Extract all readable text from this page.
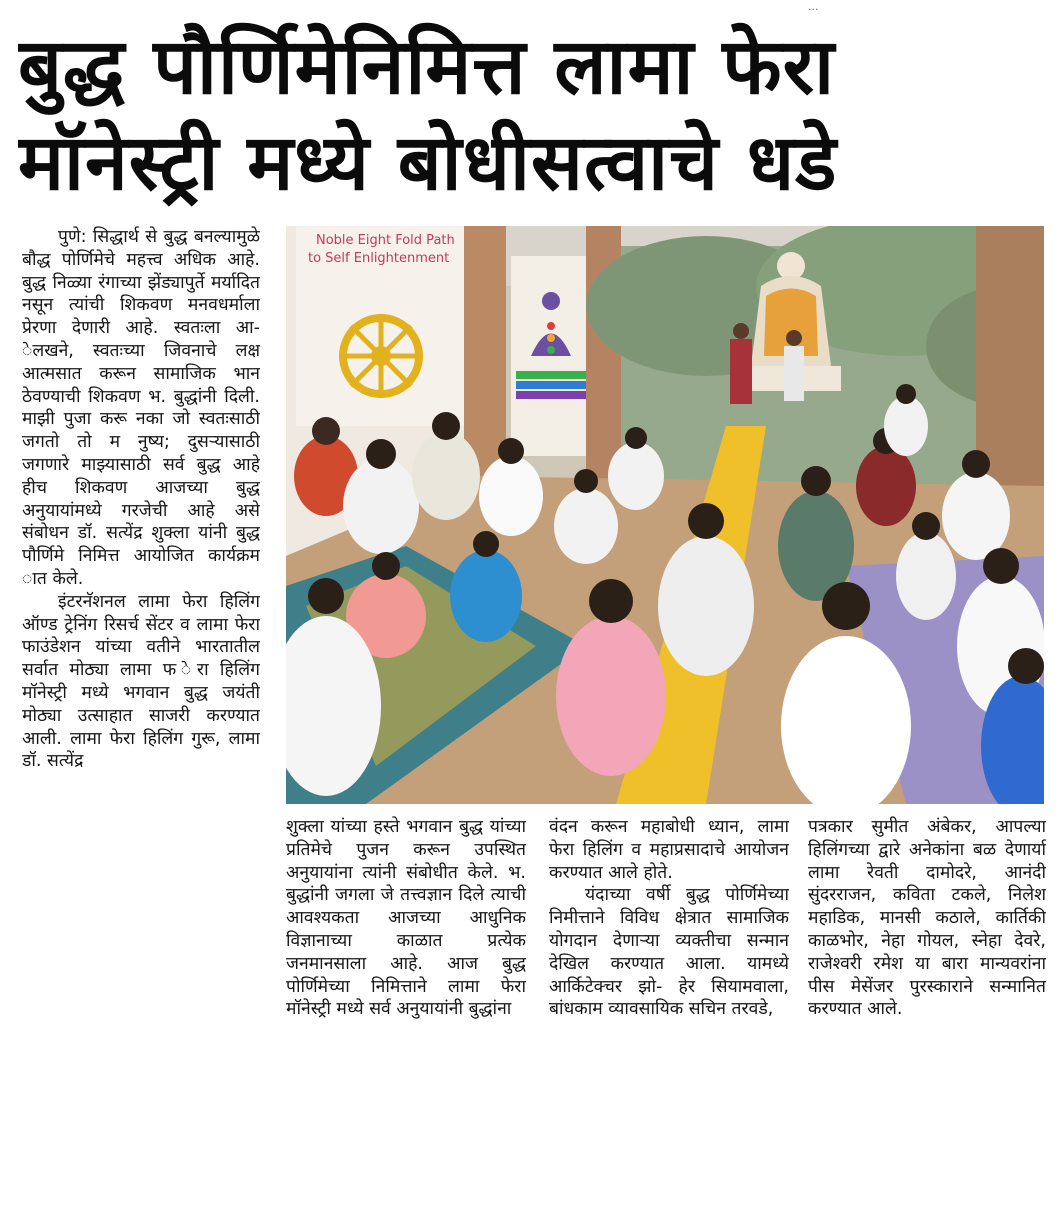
...
बुद्ध पौर्णिमेनिमित्त लामा फेरा
मॉनेस्ट्री मध्ये बोधीसत्वाचे धडे

पुणे: सिद्धार्थ से बुद्ध बनल्यामुळे बौद्ध पोर्णिमेचे महत्त्व अधिक आहे. बुद्ध निळ्या रंगाच्या झेंड्यापुर्ते मर्यादित नसून त्यांची शिकवण मनवधर्माला प्रेरणा देणारी आहे. स्वतःला आ- ेलखने, स्वतःच्या जिवनाचे लक्ष आत्मसात करून सामाजिक भान ठेवण्याची शिकवण भ. बुद्धांनी दिली. माझी पुजा करू नका जो स्वतःसाठी जगतो तो म नुष्य; दुसऱ्यासाठी जगणारे माझ्यासाठी सर्व बुद्ध आहे हीच शिकवण आजच्या बुद्ध अनुयायांमध्ये गरजेची आहे असे संबोधन डॉ. सत्येंद्र शुक्ला यांनी बुद्ध पौर्णिमे निमित्त आयोजित कार्यक्रम ात केले.

इंटरनॅशनल लामा फेरा हिलिंग ऑण्ड ट्रेनिंग रिसर्च सेंटर व लामा फेरा फाउंडेशन यांच्या वतीने भारतातील सर्वात मोठ्या लामा फ ेरा हिलिंग मॉनेस्ट्री मध्ये भगवान बुद्ध जयंती मोठ्या उत्साहात साजरी करण्यात आली. लामा फेरा हिलिंग गुरू, लामा डॉ. सत्येंद्र

Noble Eight Fold Path
to Self Enlightenment

शुक्ला यांच्या हस्ते भगवान बुद्ध यांच्या प्रतिमेचे पुजन करून उपस्थित अनुयायांना त्यांनी संबोधीत केले. भ. बुद्धांनी जगला जे तत्त्वज्ञान दिले त्याची आवश्यकता आजच्या आधुनिक विज्ञानाच्या काळात प्रत्येक जनमानसाला आहे. आज बुद्ध पोर्णिमेच्या निमित्ताने लामा फेरा मॉनेस्ट्री मध्ये सर्व अनुयायांनी बुद्धांना

वंदन करून महाबोधी ध्यान, लामा फेरा हिलिंग व महाप्रसादाचे आयोजन करण्यात आले होते.

यंदाच्या वर्षी बुद्ध पोर्णिमेच्या निमीत्ताने विविध क्षेत्रात सामाजिक योगदान देणाऱ्या व्यक्तीचा सन्मान देखिल करण्यात आला. यामध्ये आर्किटेक्चर झो- हेर सियामवाला, बांधकाम व्यावसायिक सचिन तरवडे,

पत्रकार सुमीत अंबेकर, आपल्या हिलिंगच्या द्वारे अनेकांना बळ देणार्या लामा रेवती दामोदरे, आनंदी सुंदरराजन, कविता टकले, निलेश महाडिक, मानसी कठाले, कार्तिकी काळभोर, नेहा गोयल, स्नेहा देवरे, राजेश्वरी रमेश या बारा मान्यवरांना पीस मेसेंजर पुरस्काराने सन्मानित करण्यात आले.
